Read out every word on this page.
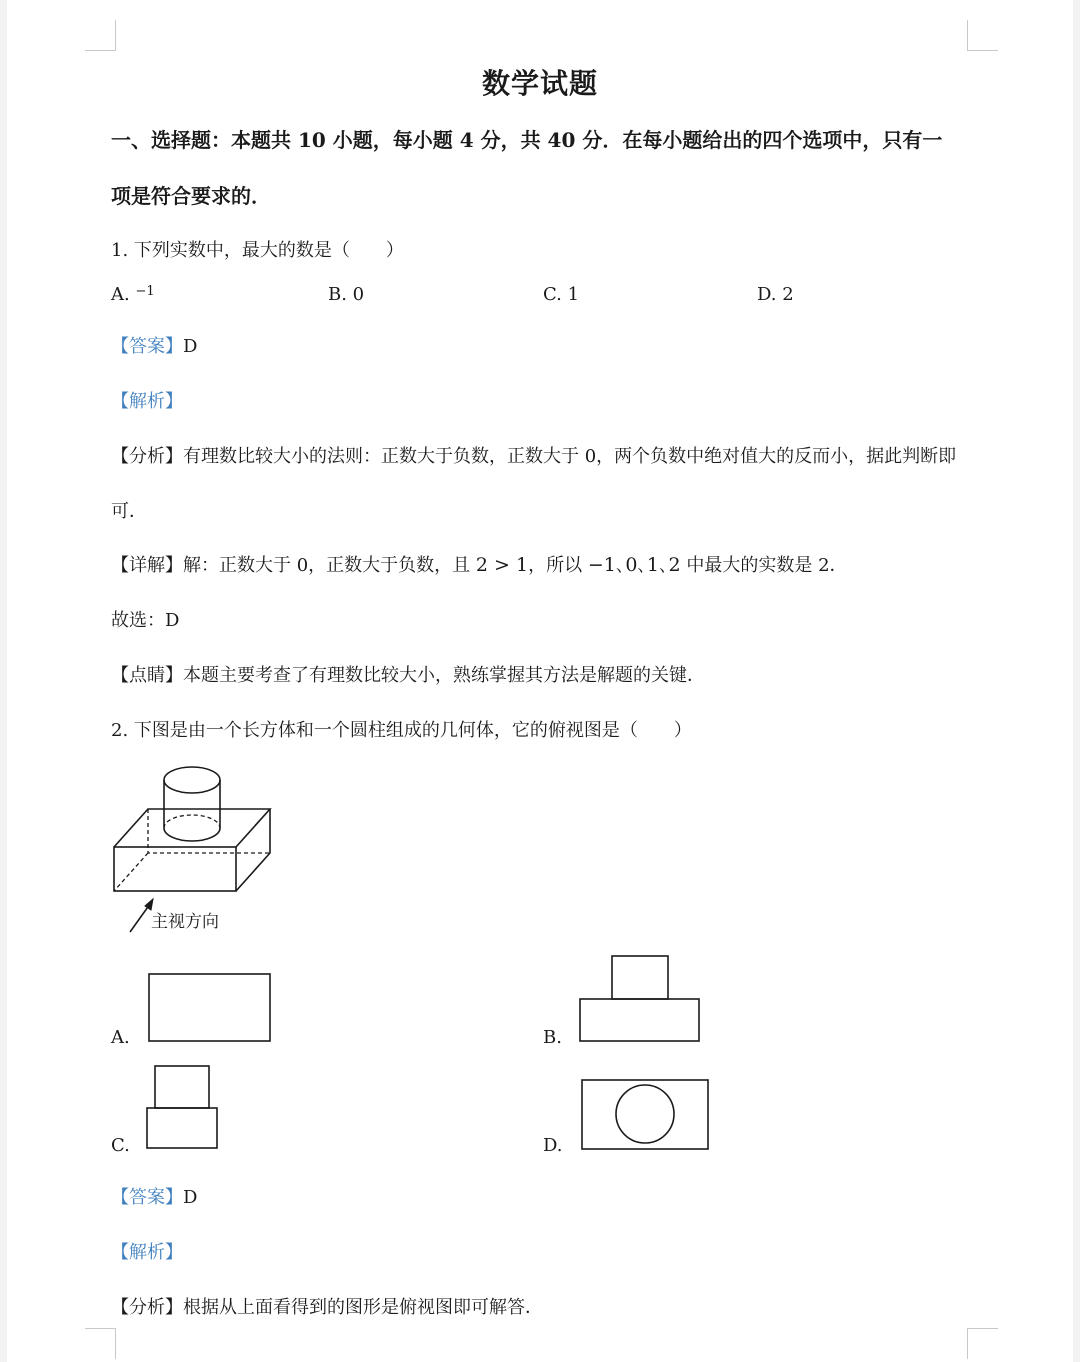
数学试题
一、选择题：本题共 10 小题，每小题 4 分，共 40 分．在每小题给出的四个选项中，只有一
项是符合要求的．
1. 下列实数中，最大的数是（　　）
A. $^{-1}$	B. 0	C. 1	D. 2
【答案】D
【解析】
【分析】有理数比较大小的法则：正数大于负数，正数大于 0，两个负数中绝对值大的反而小，据此判断即
可．
【详解】解：正数大于 0，正数大于负数，且 2 > 1，所以 −1､0､1､2 中最大的实数是 2．
故选：D
【点睛】本题主要考查了有理数比较大小，熟练掌握其方法是解题的关键．
2. 下图是由一个长方体和一个圆柱组成的几何体，它的俯视图是（　　）
主视方向
A.	B.
C.	D.
【答案】D
【解析】
【分析】根据从上面看得到的图形是俯视图即可解答．
